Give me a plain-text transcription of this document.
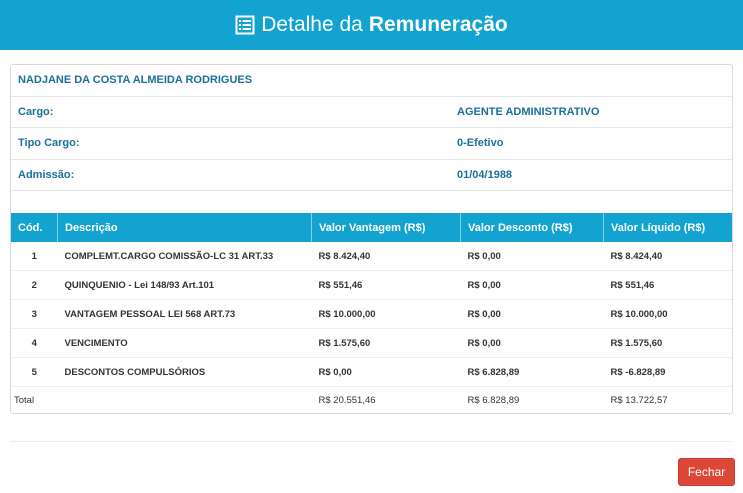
Detalhe da Remuneração
NADJANE DA COSTA ALMEIDA RODRIGUES
Cargo:	AGENTE ADMINISTRATIVO
Tipo Cargo:	0-Efetivo
Admissão:	01/04/1988
Cód.	Descrição	Valor Vantagem (R$)	Valor Desconto (R$)	Valor Líquido (R$)
1	COMPLEMT.CARGO COMISSÃO-LC 31 ART.33	R$ 8.424,40	R$ 0,00	R$ 8.424,40
2	QUINQUENIO - Lei 148/93 Art.101	R$ 551,46	R$ 0,00	R$ 551,46
3	VANTAGEM PESSOAL LEI 568 ART.73	R$ 10.000,00	R$ 0,00	R$ 10.000,00
4	VENCIMENTO	R$ 1.575,60	R$ 0,00	R$ 1.575,60
5	DESCONTOS COMPULSÓRIOS	R$ 0,00	R$ 6.828,89	R$ -6.828,89
Total		R$ 20.551,46	R$ 6.828,89	R$ 13.722,57
Fechar
